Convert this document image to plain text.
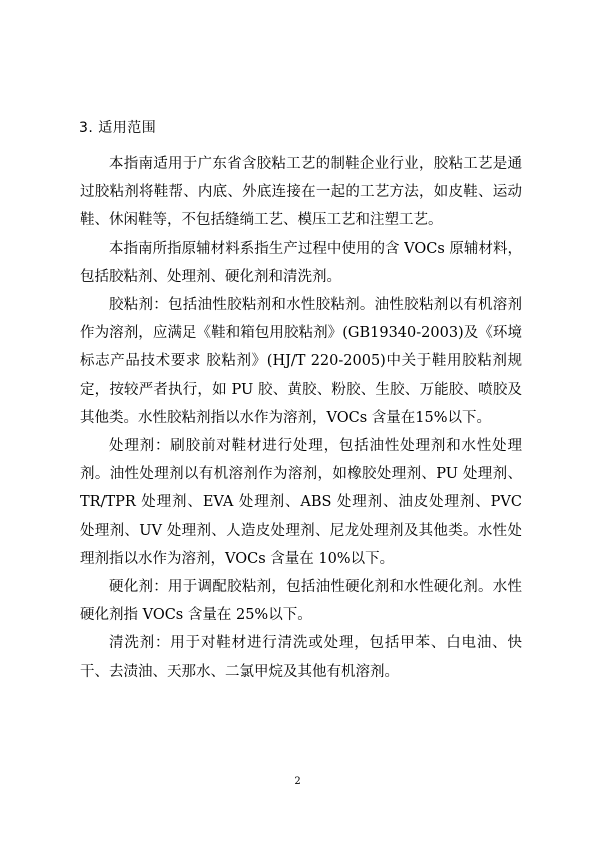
3. 适用范围

本指南适用于广东省含胶粘工艺的制鞋企业行业，胶粘工艺是通过胶粘剂将鞋帮、内底、外底连接在一起的工艺方法，如皮鞋、运动鞋、休闲鞋等，不包括缝绱工艺、模压工艺和注塑工艺。

本指南所指原辅材料系指生产过程中使用的含 VOCs 原辅材料，包括胶粘剂、处理剂、硬化剂和清洗剂。

胶粘剂：包括油性胶粘剂和水性胶粘剂。油性胶粘剂以有机溶剂作为溶剂，应满足《鞋和箱包用胶粘剂》(GB19340-2003)及《环境标志产品技术要求 胶粘剂》(HJ/T 220-2005)中关于鞋用胶粘剂规定，按较严者执行，如 PU 胶、黄胶、粉胶、生胶、万能胶、喷胶及其他类。水性胶粘剂指以水作为溶剂，VOCs 含量在15%以下。

处理剂：刷胶前对鞋材进行处理，包括油性处理剂和水性处理剂。油性处理剂以有机溶剂作为溶剂，如橡胶处理剂、PU 处理剂、TR/TPR 处理剂、EVA 处理剂、ABS 处理剂、油皮处理剂、PVC 处理剂、UV 处理剂、人造皮处理剂、尼龙处理剂及其他类。水性处理剂指以水作为溶剂，VOCs 含量在 10%以下。

硬化剂：用于调配胶粘剂，包括油性硬化剂和水性硬化剂。水性硬化剂指 VOCs 含量在 25%以下。

清洗剂：用于对鞋材进行清洗或处理，包括甲苯、白电油、快干、去渍油、天那水、二氯甲烷及其他有机溶剂。

2
